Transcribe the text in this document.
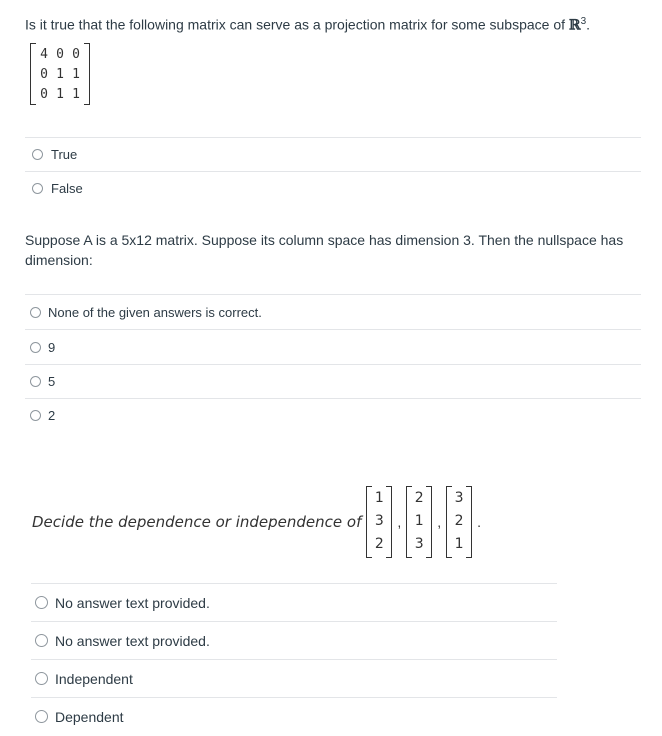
Is it true that the following matrix can serve as a projection matrix for some subspace of ℝ$^3$.
4 0 0
0 1 1
0 1 1
True
False
Suppose A is a 5x12 matrix. Suppose its column space has dimension 3. Then the nullspace has dimension:
None of the given answers is correct.
9
5
2
Decide the dependence or independence of
1
3
2
,
2
1
3
,
3
2
1
.
No answer text provided.
No answer text provided.
Independent
Dependent
